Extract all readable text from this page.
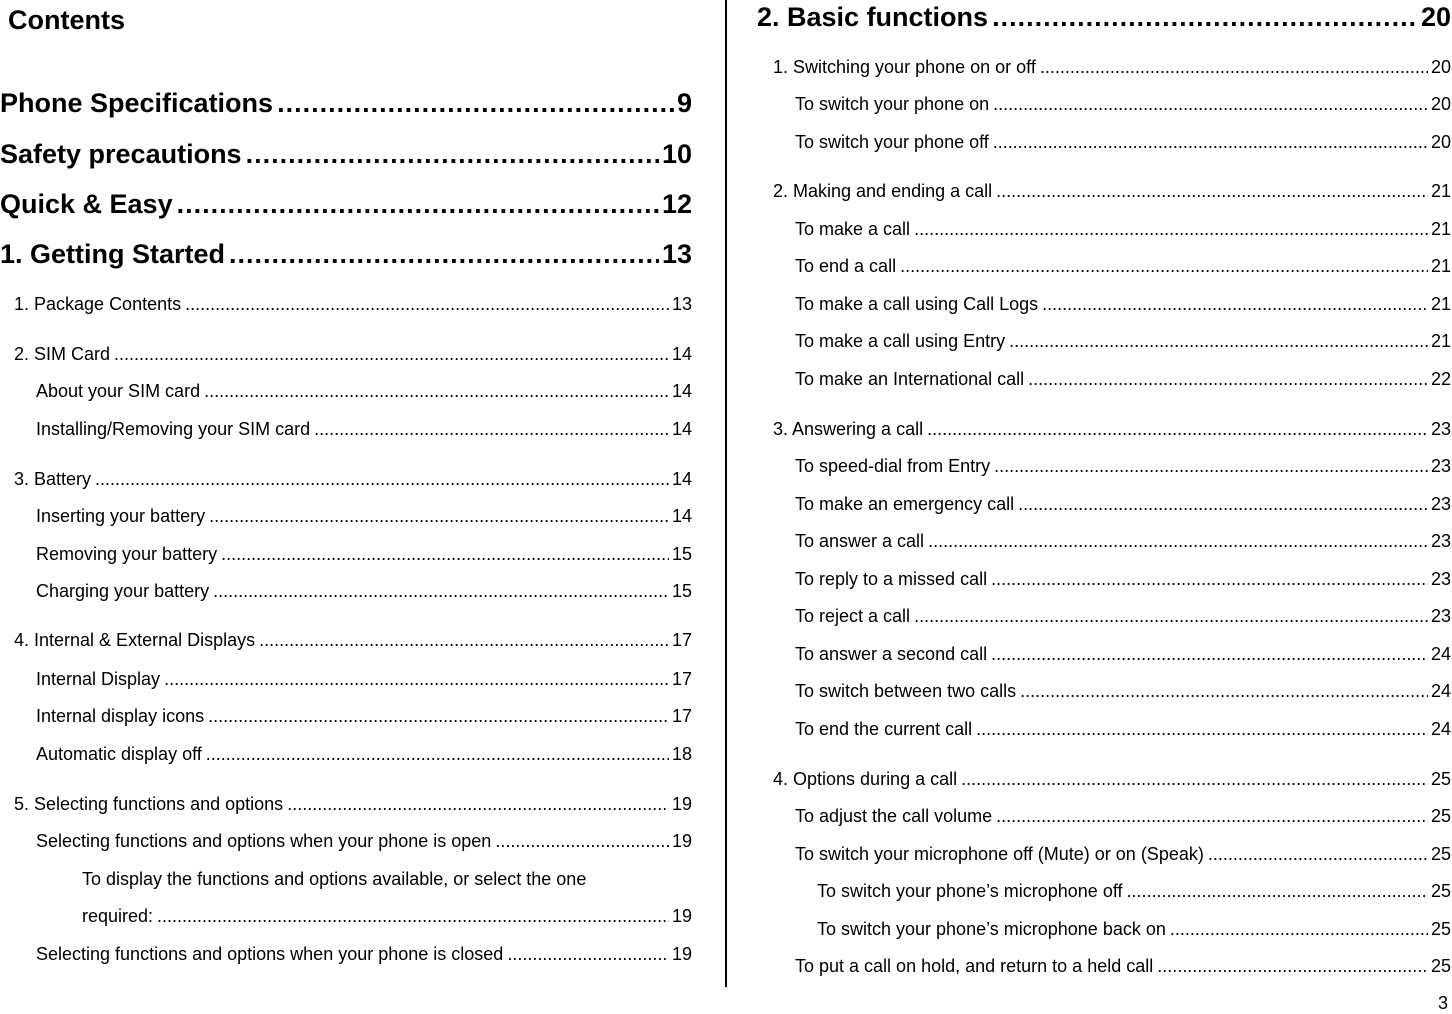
Contents
Phone Specifications .....	9
Safety precautions .....	10
Quick & Easy .....	12
1. Getting Started .....	13
1. Package Contents .....	13
2. SIM Card .....	14
About your SIM card .....	14
Installing/Removing your SIM card .....	14
3. Battery .....	14
Inserting your battery .....	14
Removing your battery .....	15
Charging your battery .....	15
4. Internal & External Displays .....	17
Internal Display .....	17
Internal display icons .....	17
Automatic display off .....	18
5. Selecting functions and options .....	19
Selecting functions and options when your phone is open .....	19
To display the functions and options available, or select the one
required: .....	19
Selecting functions and options when your phone is closed .....	19
2. Basic functions .....	20
1. Switching your phone on or off .....	20
To switch your phone on .....	20
To switch your phone off .....	20
2. Making and ending a call .....	21
To make a call .....	21
To end a call .....	21
To make a call using Call Logs .....	21
To make a call using Entry .....	21
To make an International call .....	22
3. Answering a call .....	23
To speed-dial from Entry .....	23
To make an emergency call .....	23
To answer a call .....	23
To reply to a missed call .....	23
To reject a call .....	23
To answer a second call .....	24
To switch between two calls .....	24
To end the current call .....	24
4. Options during a call .....	25
To adjust the call volume .....	25
To switch your microphone off (Mute) or on (Speak) .....	25
To switch your phone’s microphone off .....	25
To switch your phone’s microphone back on .....	25
To put a call on hold, and return to a held call .....	25
3
